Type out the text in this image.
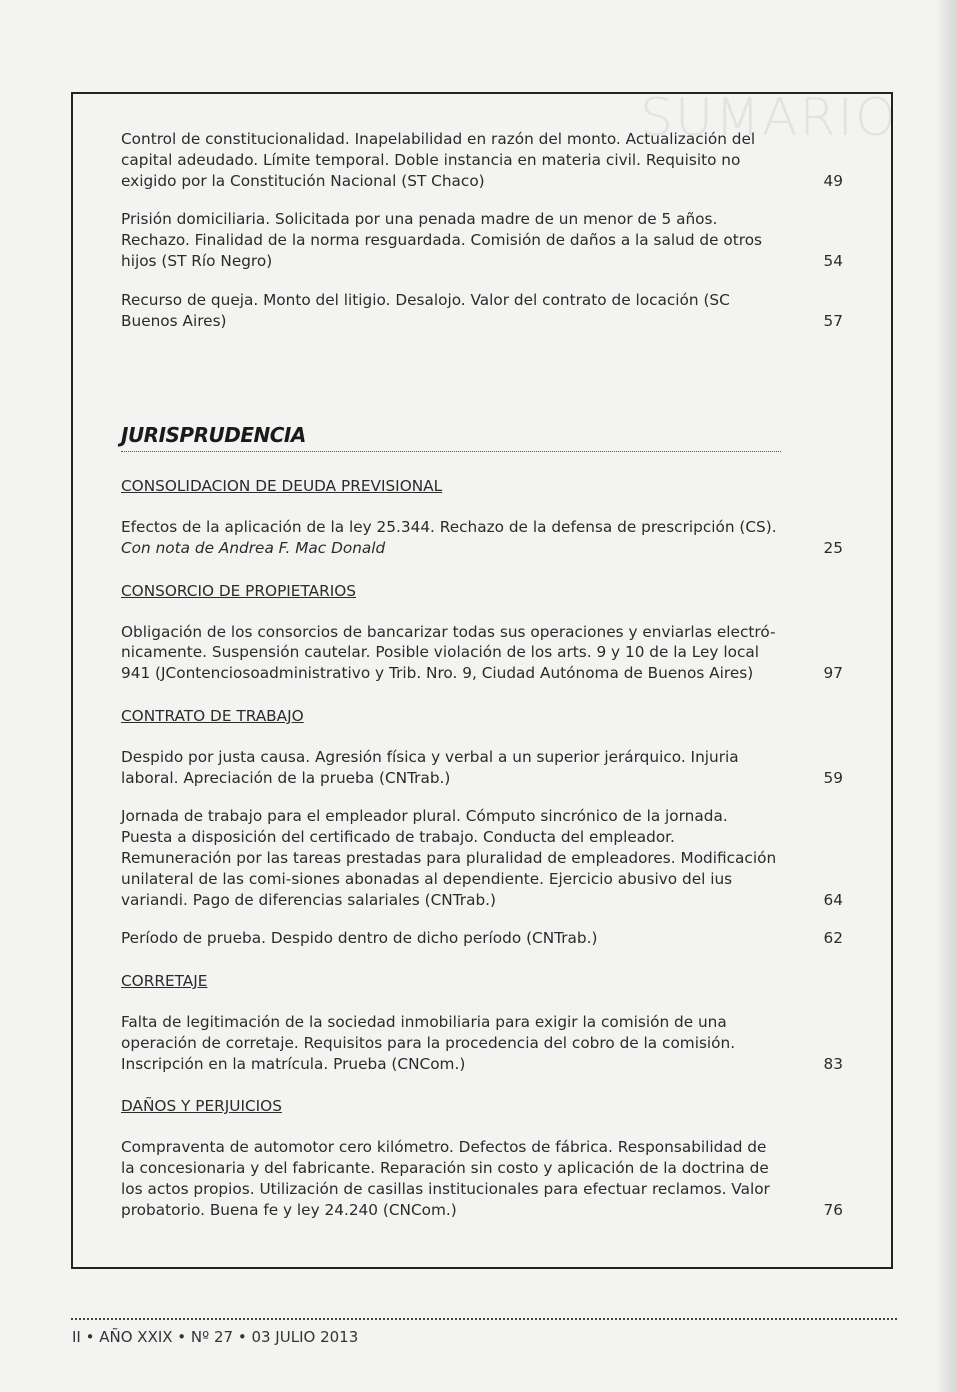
SUMARIO

Control de constitucionalidad. Inapelabilidad en razón del monto. Actualización del capital adeudado. Límite temporal. Doble instancia en materia civil. Requisito no exigido por la Constitución Nacional (ST Chaco)	49

Prisión domiciliaria. Solicitada por una penada madre de un menor de 5 años. Rechazo. Finalidad de la norma resguardada. Comisión de daños a la salud de otros hijos (ST Río Negro)	54

Recurso de queja. Monto del litigio. Desalojo. Valor del contrato de locación (SC Buenos Aires)	57
JURISPRUDENCIA
CONSOLIDACION DE DEUDA PREVISIONAL

Efectos de la aplicación de la ley 25.344. Rechazo de la defensa de prescripción (CS).
Con nota de Andrea F. Mac Donald	25
CONSORCIO DE PROPIETARIOS

Obligación de los consorcios de bancarizar todas sus operaciones y enviarlas electró-nicamente. Suspensión cautelar. Posible violación de los arts. 9 y 10 de la Ley local 941 (JContenciosoadministrativo y Trib. Nro. 9, Ciudad Autónoma de Buenos Aires)	97
CONTRATO DE TRABAJO

Despido por justa causa. Agresión física y verbal a un superior jerárquico. Injuria laboral. Apreciación de la prueba (CNTrab.)	59

Jornada de trabajo para el empleador plural. Cómputo sincrónico de la jornada. Puesta a disposición del certificado de trabajo. Conducta del empleador. Remuneración por las tareas prestadas para pluralidad de empleadores. Modificación unilateral de las comi-siones abonadas al dependiente. Ejercicio abusivo del ius variandi. Pago de diferencias salariales (CNTrab.)	64

Período de prueba. Despido dentro de dicho período (CNTrab.)	62
CORRETAJE

Falta de legitimación de la sociedad inmobiliaria para exigir la comisión de una operación de corretaje. Requisitos para la procedencia del cobro de la comisión. Inscripción en la matrícula. Prueba (CNCom.)	83
DAÑOS Y PERJUICIOS

Compraventa de automotor cero kilómetro. Defectos de fábrica. Responsabilidad de la concesionaria y del fabricante. Reparación sin costo y aplicación de la doctrina de los actos propios. Utilización de casillas institucionales para efectuar reclamos. Valor probatorio. Buena fe y ley 24.240 (CNCom.)	76
II • AÑO XXIX • Nº 27 • 03 JULIO 2013
